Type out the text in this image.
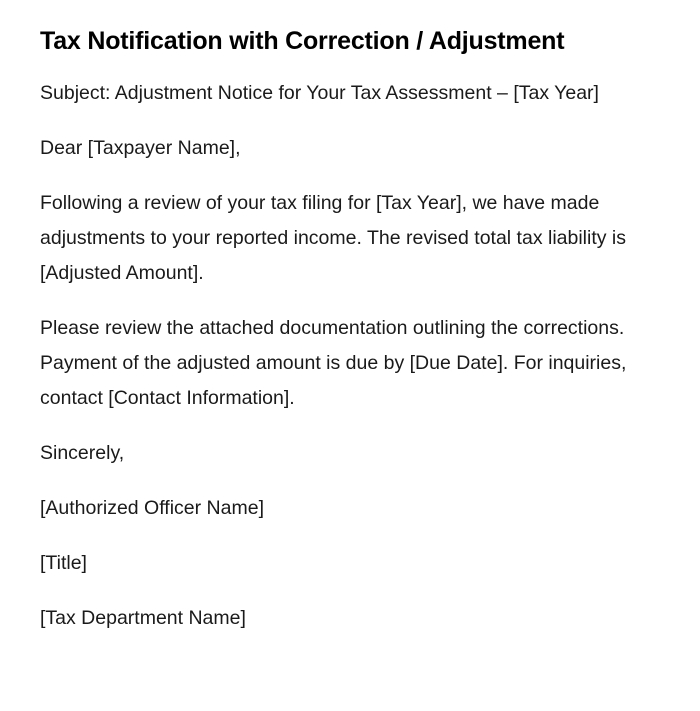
Tax Notification with Correction / Adjustment

Subject: Adjustment Notice for Your Tax Assessment – [Tax Year]

Dear [Taxpayer Name],

Following a review of your tax filing for [Tax Year], we have made adjustments to your reported income. The revised total tax liability is [Adjusted Amount].

Please review the attached documentation outlining the corrections. Payment of the adjusted amount is due by [Due Date]. For inquiries, contact [Contact Information].

Sincerely,

[Authorized Officer Name]

[Title]

[Tax Department Name]
